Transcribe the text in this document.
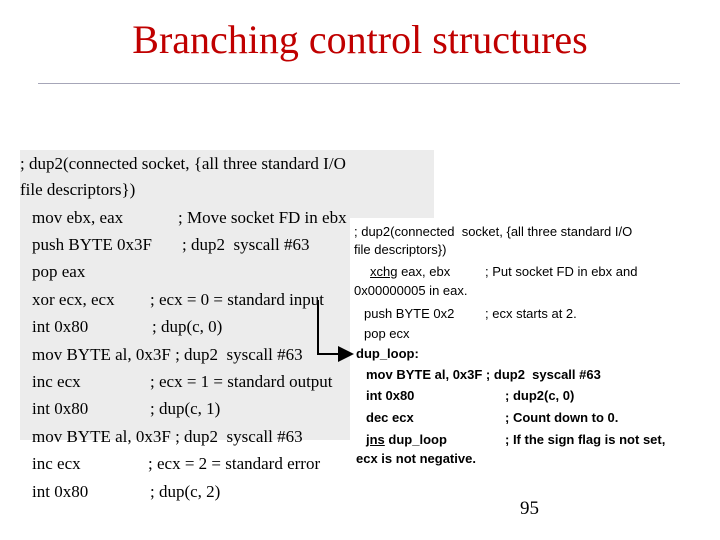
Branching control structures
; dup2(connected socket, {all three standard I/O
file descriptors})
mov ebx, eax	; Move socket FD in ebx
push BYTE 0x3F ; dup2  syscall #63
pop eax
xor ecx, ecx ; ecx = 0 = standard input
int 0x80	; dup(c, 0)
mov BYTE al, 0x3F ; dup2  syscall #63
inc ecx	; ecx = 1 = standard output
int 0x80	; dup(c, 1)
mov BYTE al, 0x3F ; dup2  syscall #63
inc ecx	; ecx = 2 = standard error
int 0x80	; dup(c, 2)
; dup2(connected  socket, {all three standard I/O
file descriptors})
xchg eax, ebx	; Put socket FD in ebx and
0x00000005 in eax.
push BYTE 0x2 ; ecx starts at 2.
pop ecx
dup_loop:
mov BYTE al, 0x3F ; dup2  syscall #63
int 0x80	; dup2(c, 0)
dec ecx	; Count down to 0.
jns dup_loop	; If the sign flag is not set,
ecx is not negative.
95
